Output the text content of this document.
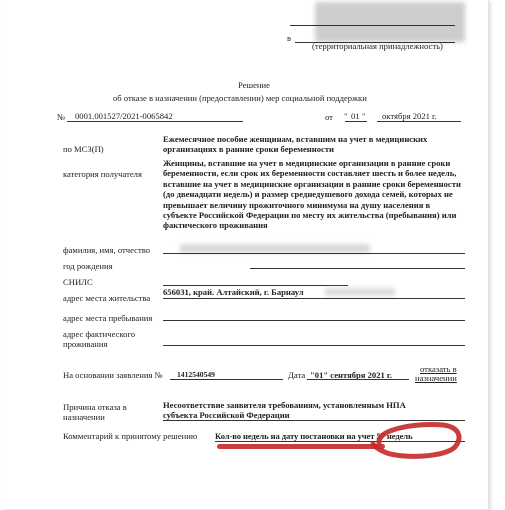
в
(территориальная принадлежность)
Решение
об отказе в назначении (предоставлении) мер социальной поддержки
№ 0001.001527/2021-0065842	от " 01 " октября 2021 г.
по МСЗ(П)
Ежемесячное пособие женщинам, вставшим на учет в медицинских организациях в ранние сроки беременности
категория получателя
Женщины, вставшие на учет в медицинские организации в ранние сроки беременности, если срок их беременности составляет шесть и более недель, вставшие на учет в медицинские организации в ранние сроки беременности (до двенадцати недель) и размер среднедушевого дохода семей, которых не превышает величину прожиточного минимума на душу населения в субъекте Российской Федерации по месту их жительства (пребывания) или фактического проживания
фамилия, имя, отчество
год рождения
СНИЛС
адрес места жительства
656031, край. Алтайский, г. Барнаул
адрес места пребывания
адрес фактического
проживания
На основании заявления № 1412540549	Дата "01" сентября 2021 г.
отказать в
назначении
Причина отказа в
назначении
Несоответствие заявителя требованиям, установленным НПА
субъекта Российской Федерации
Комментарий к принятому решению Кол-во недель на дату постановки на учет 57 недель
